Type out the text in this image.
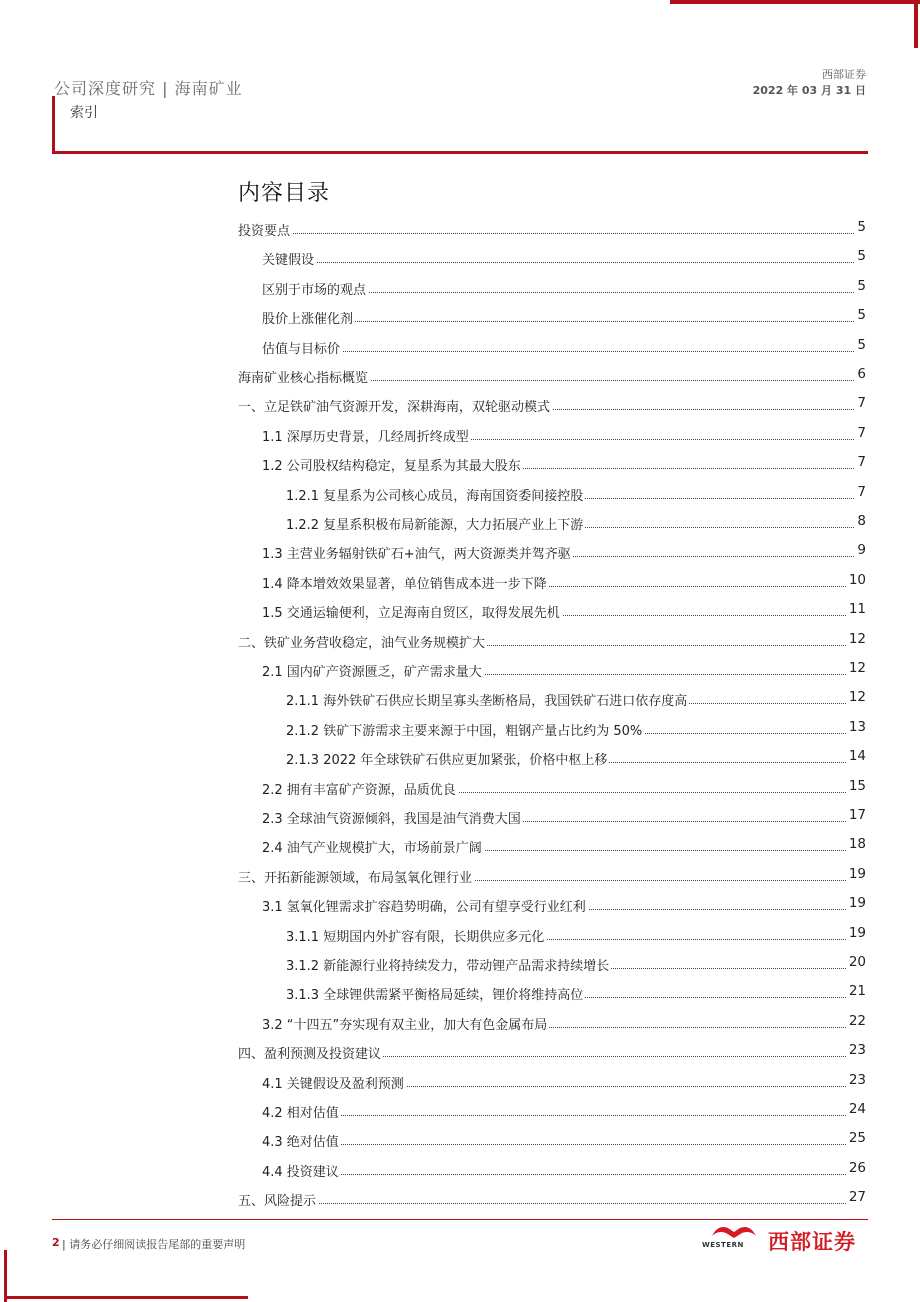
公司深度研究 | 海南矿业
索引
西部证券
2022 年 03 月 31 日
内容目录
投资要点	5
关键假设	5
区别于市场的观点	5
股价上涨催化剂	5
估值与目标价	5
海南矿业核心指标概览	6
一、立足铁矿油气资源开发，深耕海南，双轮驱动模式	7
1.1 深厚历史背景，几经周折终成型	7
1.2 公司股权结构稳定，复星系为其最大股东	7
1.2.1 复星系为公司核心成员，海南国资委间接控股	7
1.2.2 复星系积极布局新能源，大力拓展产业上下游	8
1.3 主营业务辐射铁矿石+油气，两大资源类并驾齐驱	9
1.4 降本增效效果显著，单位销售成本进一步下降	10
1.5 交通运输便利，立足海南自贸区，取得发展先机	11
二、铁矿业务营收稳定，油气业务规模扩大	12
2.1 国内矿产资源匮乏，矿产需求量大	12
2.1.1 海外铁矿石供应长期呈寡头垄断格局，我国铁矿石进口依存度高	12
2.1.2 铁矿下游需求主要来源于中国，粗钢产量占比约为 50%	13
2.1.3 2022 年全球铁矿石供应更加紧张，价格中枢上移	14
2.2 拥有丰富矿产资源，品质优良	15
2.3 全球油气资源倾斜，我国是油气消费大国	17
2.4 油气产业规模扩大，市场前景广阔	18
三、开拓新能源领域，布局氢氧化锂行业	19
3.1 氢氧化锂需求扩容趋势明确，公司有望享受行业红利	19
3.1.1 短期国内外扩容有限，长期供应多元化	19
3.1.2 新能源行业将持续发力，带动锂产品需求持续增长	20
3.1.3 全球锂供需紧平衡格局延续，锂价将维持高位	21
3.2 “十四五”夯实现有双主业，加大有色金属布局	22
四、盈利预测及投资建议	23
4.1 关键假设及盈利预测	23
4.2 相对估值	24
4.3 绝对估值	25
4.4 投资建议	26
五、风险提示	27
2 | 请务必仔细阅读报告尾部的重要声明	WESTERN 西部证券
